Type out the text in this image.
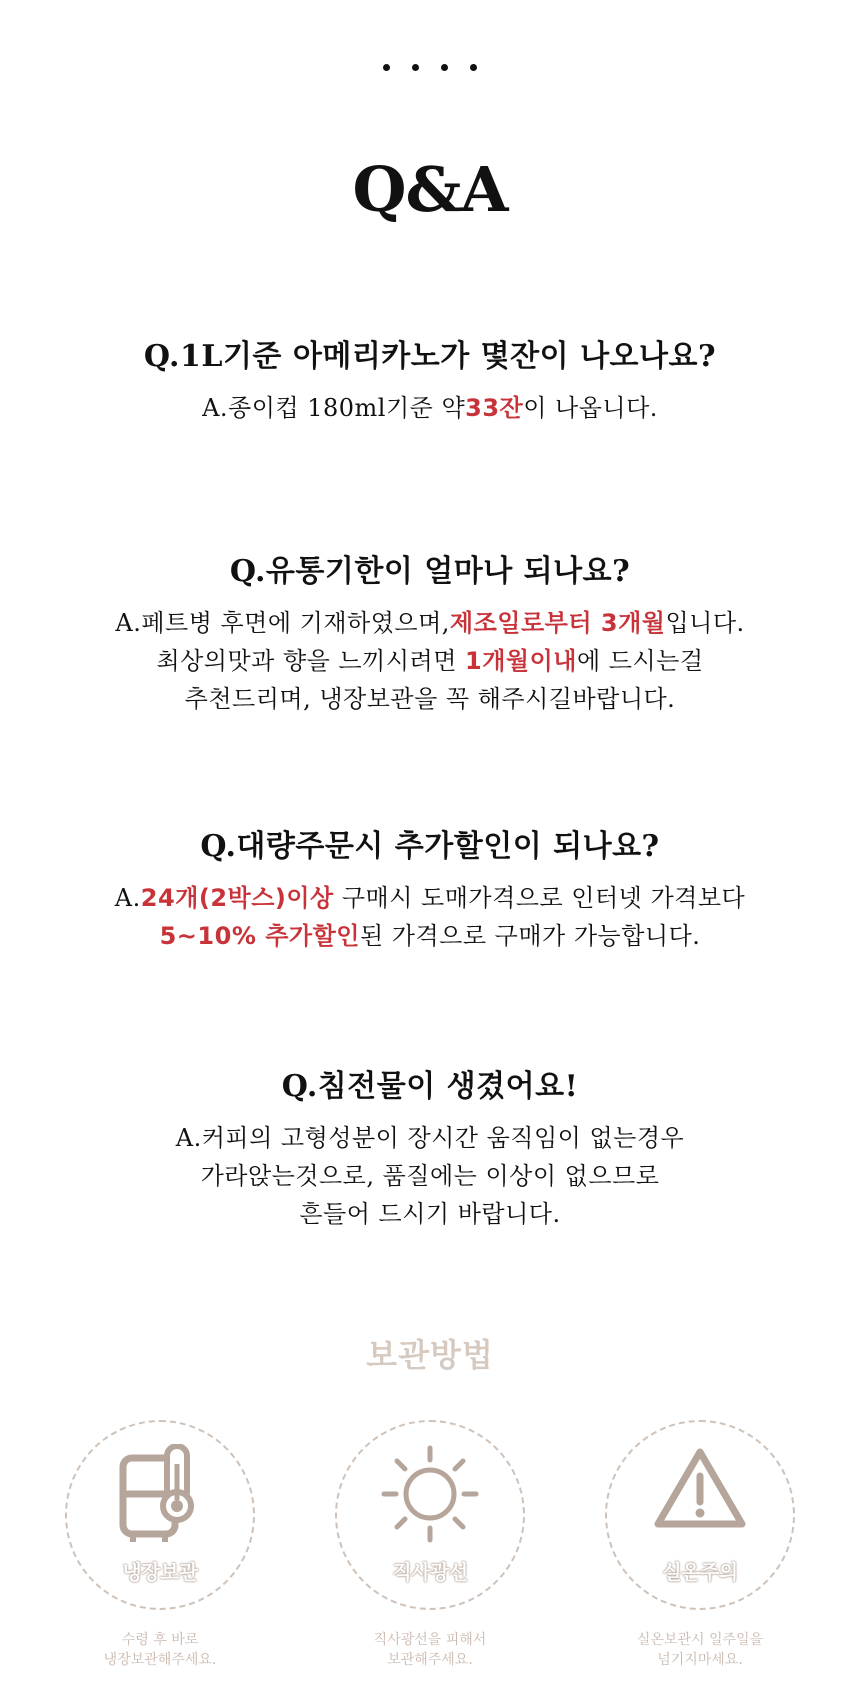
Q&A
Q.1L기준 아메리카노가 몇잔이 나오나요?

A.종이컵 180ml기준 약33잔이 나옵니다.

Q.유통기한이 얼마나 되나요?

A.페트병 후면에 기재하였으며,제조일로부터 3개월입니다.

최상의맛과 향을 느끼시려면 1개월이내에 드시는걸

추천드리며, 냉장보관을 꼭 해주시길바랍니다.

Q.대량주문시 추가할인이 되나요?

A.24개(2박스)이상 구매시 도매가격으로 인터넷 가격보다

5~10% 추가할인된 가격으로 구매가 가능합니다.

Q.침전물이 생겼어요!

A.커피의 고형성분이 장시간 움직임이 없는경우

가라앉는것으로, 품질에는 이상이 없으므로

흔들어 드시기 바랍니다.

보관방법
냉장보관

수령 후 바로

냉장보관해주세요.

직사광선

직사광선을 피해서

보관해주세요.

실온주의

실온보관시 일주일을

넘기지마세요.
